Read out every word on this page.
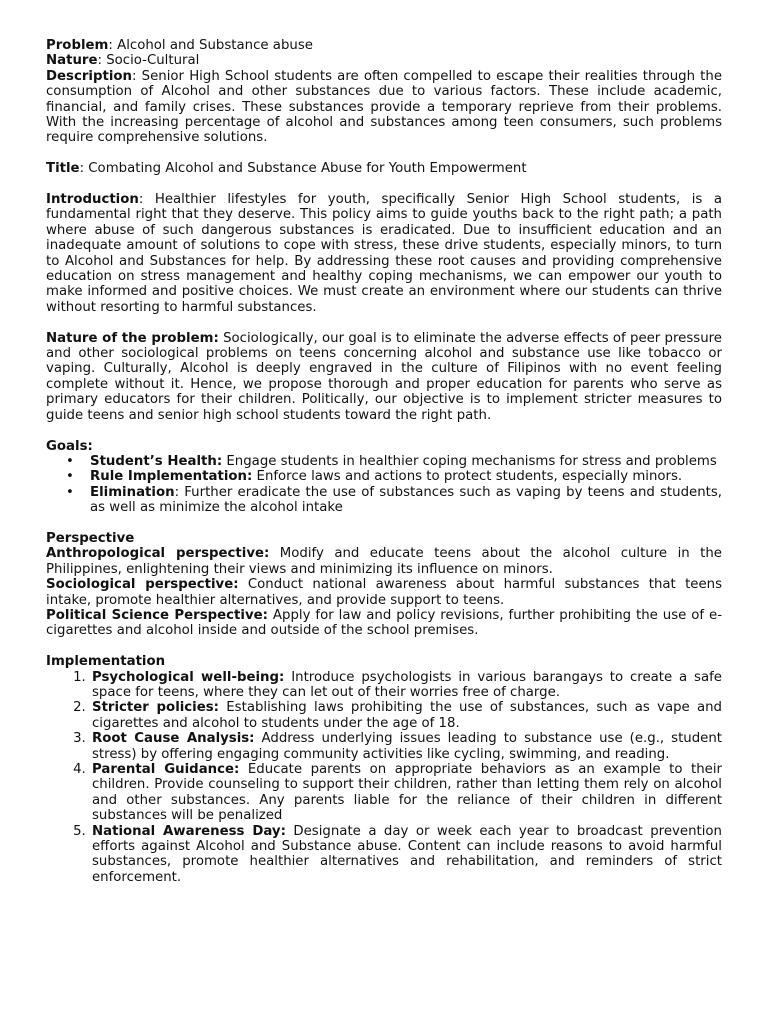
Problem: Alcohol and Substance abuse

Nature: Socio-Cultural

Description: Senior High School students are often compelled to escape their realities through the consumption of Alcohol and other substances due to various factors. These include academic, financial, and family crises. These substances provide a temporary reprieve from their problems. With the increasing percentage of alcohol and substances among teen consumers, such problems require comprehensive solutions.

Title: Combating Alcohol and Substance Abuse for Youth Empowerment

Introduction: Healthier lifestyles for youth, specifically Senior High School students, is a fundamental right that they deserve. This policy aims to guide youths back to the right path; a path where abuse of such dangerous substances is eradicated. Due to insufficient education and an inadequate amount of solutions to cope with stress, these drive students, especially minors, to turn to Alcohol and Substances for help. By addressing these root causes and providing comprehensive education on stress management and healthy coping mechanisms, we can empower our youth to make informed and positive choices. We must create an environment where our students can thrive without resorting to harmful substances.

Nature of the problem: Sociologically, our goal is to eliminate the adverse effects of peer pressure and other sociological problems on teens concerning alcohol and substance use like tobacco or vaping. Culturally, Alcohol is deeply engraved in the culture of Filipinos with no event feeling complete without it. Hence, we propose thorough and proper education for parents who serve as primary educators for their children. Politically, our objective is to implement stricter measures to guide teens and senior high school students toward the right path.

Goals:

• Student’s Health: Engage students in healthier coping mechanisms for stress and problems
• Rule Implementation: Enforce laws and actions to protect students, especially minors.
• Elimination: Further eradicate the use of substances such as vaping by teens and students, as well as minimize the alcohol intake

Perspective

Anthropological perspective: Modify and educate teens about the alcohol culture in the Philippines, enlightening their views and minimizing its influence on minors.

Sociological perspective: Conduct national awareness about harmful substances that teens intake, promote healthier alternatives, and provide support to teens.

Political Science Perspective: Apply for law and policy revisions, further prohibiting the use of e-cigarettes and alcohol inside and outside of the school premises.

Implementation

1. Psychological well-being: Introduce psychologists in various barangays to create a safe space for teens, where they can let out of their worries free of charge.
2. Stricter policies: Establishing laws prohibiting the use of substances, such as vape and cigarettes and alcohol to students under the age of 18.
3. Root Cause Analysis: Address underlying issues leading to substance use (e.g., student stress) by offering engaging community activities like cycling, swimming, and reading.
4. Parental Guidance: Educate parents on appropriate behaviors as an example to their children. Provide counseling to support their children, rather than letting them rely on alcohol and other substances. Any parents liable for the reliance of their children in different substances will be penalized
5. National Awareness Day: Designate a day or week each year to broadcast prevention efforts against Alcohol and Substance abuse. Content can include reasons to avoid harmful substances, promote healthier alternatives and rehabilitation, and reminders of strict enforcement.
